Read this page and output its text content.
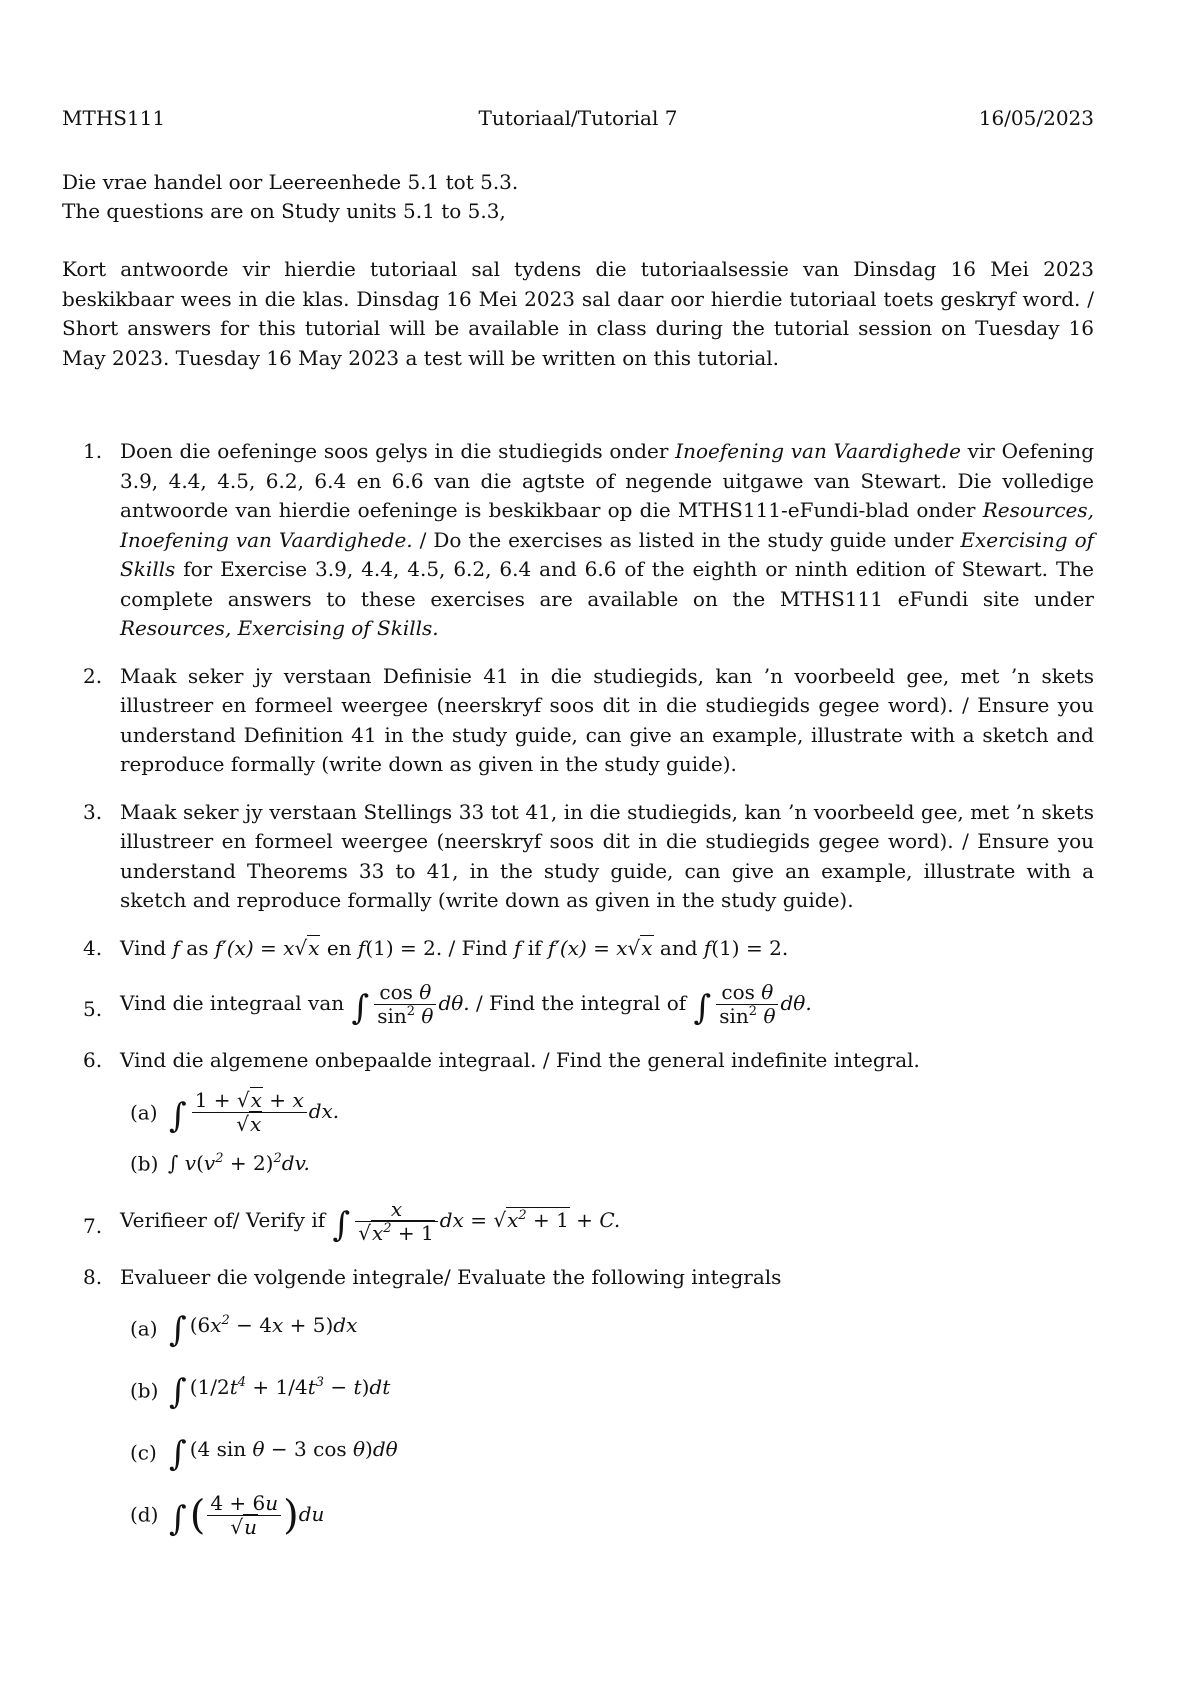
MTHS111	Tutoriaal/Tutorial 7	16/05/2023
Die vrae handel oor Leereenhede 5.1 tot 5.3.
The questions are on Study units 5.1 to 5.3,
Kort antwoorde vir hierdie tutoriaal sal tydens die tutoriaalsessie van Dinsdag 16 Mei 2023 beskikbaar wees in die klas. Dinsdag 16 Mei 2023 sal daar oor hierdie tutoriaal toets geskryf word. / Short answers for this tutorial will be available in class during the tutorial session on Tuesday 16 May 2023. Tuesday 16 May 2023 a test will be written on this tutorial.
1. Doen die oefeninge soos gelys in die studiegids onder Inoefening van Vaardighede vir Oefening 3.9, 4.4, 4.5, 6.2, 6.4 en 6.6 van die agtste of negende uitgawe van Stewart. Die volledige antwoorde van hierdie oefeninge is beskikbaar op die MTHS111-eFundi-blad onder Resources, Inoefening van Vaardighede. / Do the exercises as listed in the study guide under Exercising of Skills for Exercise 3.9, 4.4, 4.5, 6.2, 6.4 and 6.6 of the eighth or ninth edition of Stewart. The complete answers to these exercises are available on the MTHS111 eFundi site under Resources, Exercising of Skills.
2. Maak seker jy verstaan Definisie 41 in die studiegids, kan ’n voorbeeld gee, met ’n skets illustreer en formeel weergee (neerskryf soos dit in die studiegids gegee word). / Ensure you understand Definition 41 in the study guide, can give an example, illustrate with a sketch and reproduce formally (write down as given in the study guide).
3. Maak seker jy verstaan Stellings 33 tot 41, in die studiegids, kan ’n voorbeeld gee, met ’n skets illustreer en formeel weergee (neerskryf soos dit in die studiegids gegee word). / Ensure you understand Theorems 33 to 41, in the study guide, can give an example, illustrate with a sketch and reproduce formally (write down as given in the study guide).
4. Vind f as f′(x) = x√x en f(1) = 2. / Find f if f′(x) = x√x and f(1) = 2.
5. Vind die integraal van ∫ $\frac{\text{cos θ}}{\sin^2 \theta} d\theta$. / Find the integral of ∫ $\frac{\text{cos θ}}{\sin^2 \theta} d\theta$.
6. Vind die algemene onbepaalde integraal. / Find the general indefinite integral.
(a) ∫ $\frac{1 + √x + x}{√x}$ dx.
(b) ∫ $v(v^2 + 2)^2dv$.
7. Verifieer of/ Verify if ∫ $\frac{x}{√x^2 + 1}$ dx = $√x^2 + 1 + C$.
8. Evalueer die volgende integrale/ Evaluate the following integrals
(a) ∫ $(6x^2 - 4x + 5)dx$
(b) ∫ $(1/2t^4 + 1/4t^3 - t)dt$
(c) ∫ (4 sin θ − 3 cos θ)dθ
(d) ∫( $\frac{4 + 6u}{√u} )du$
